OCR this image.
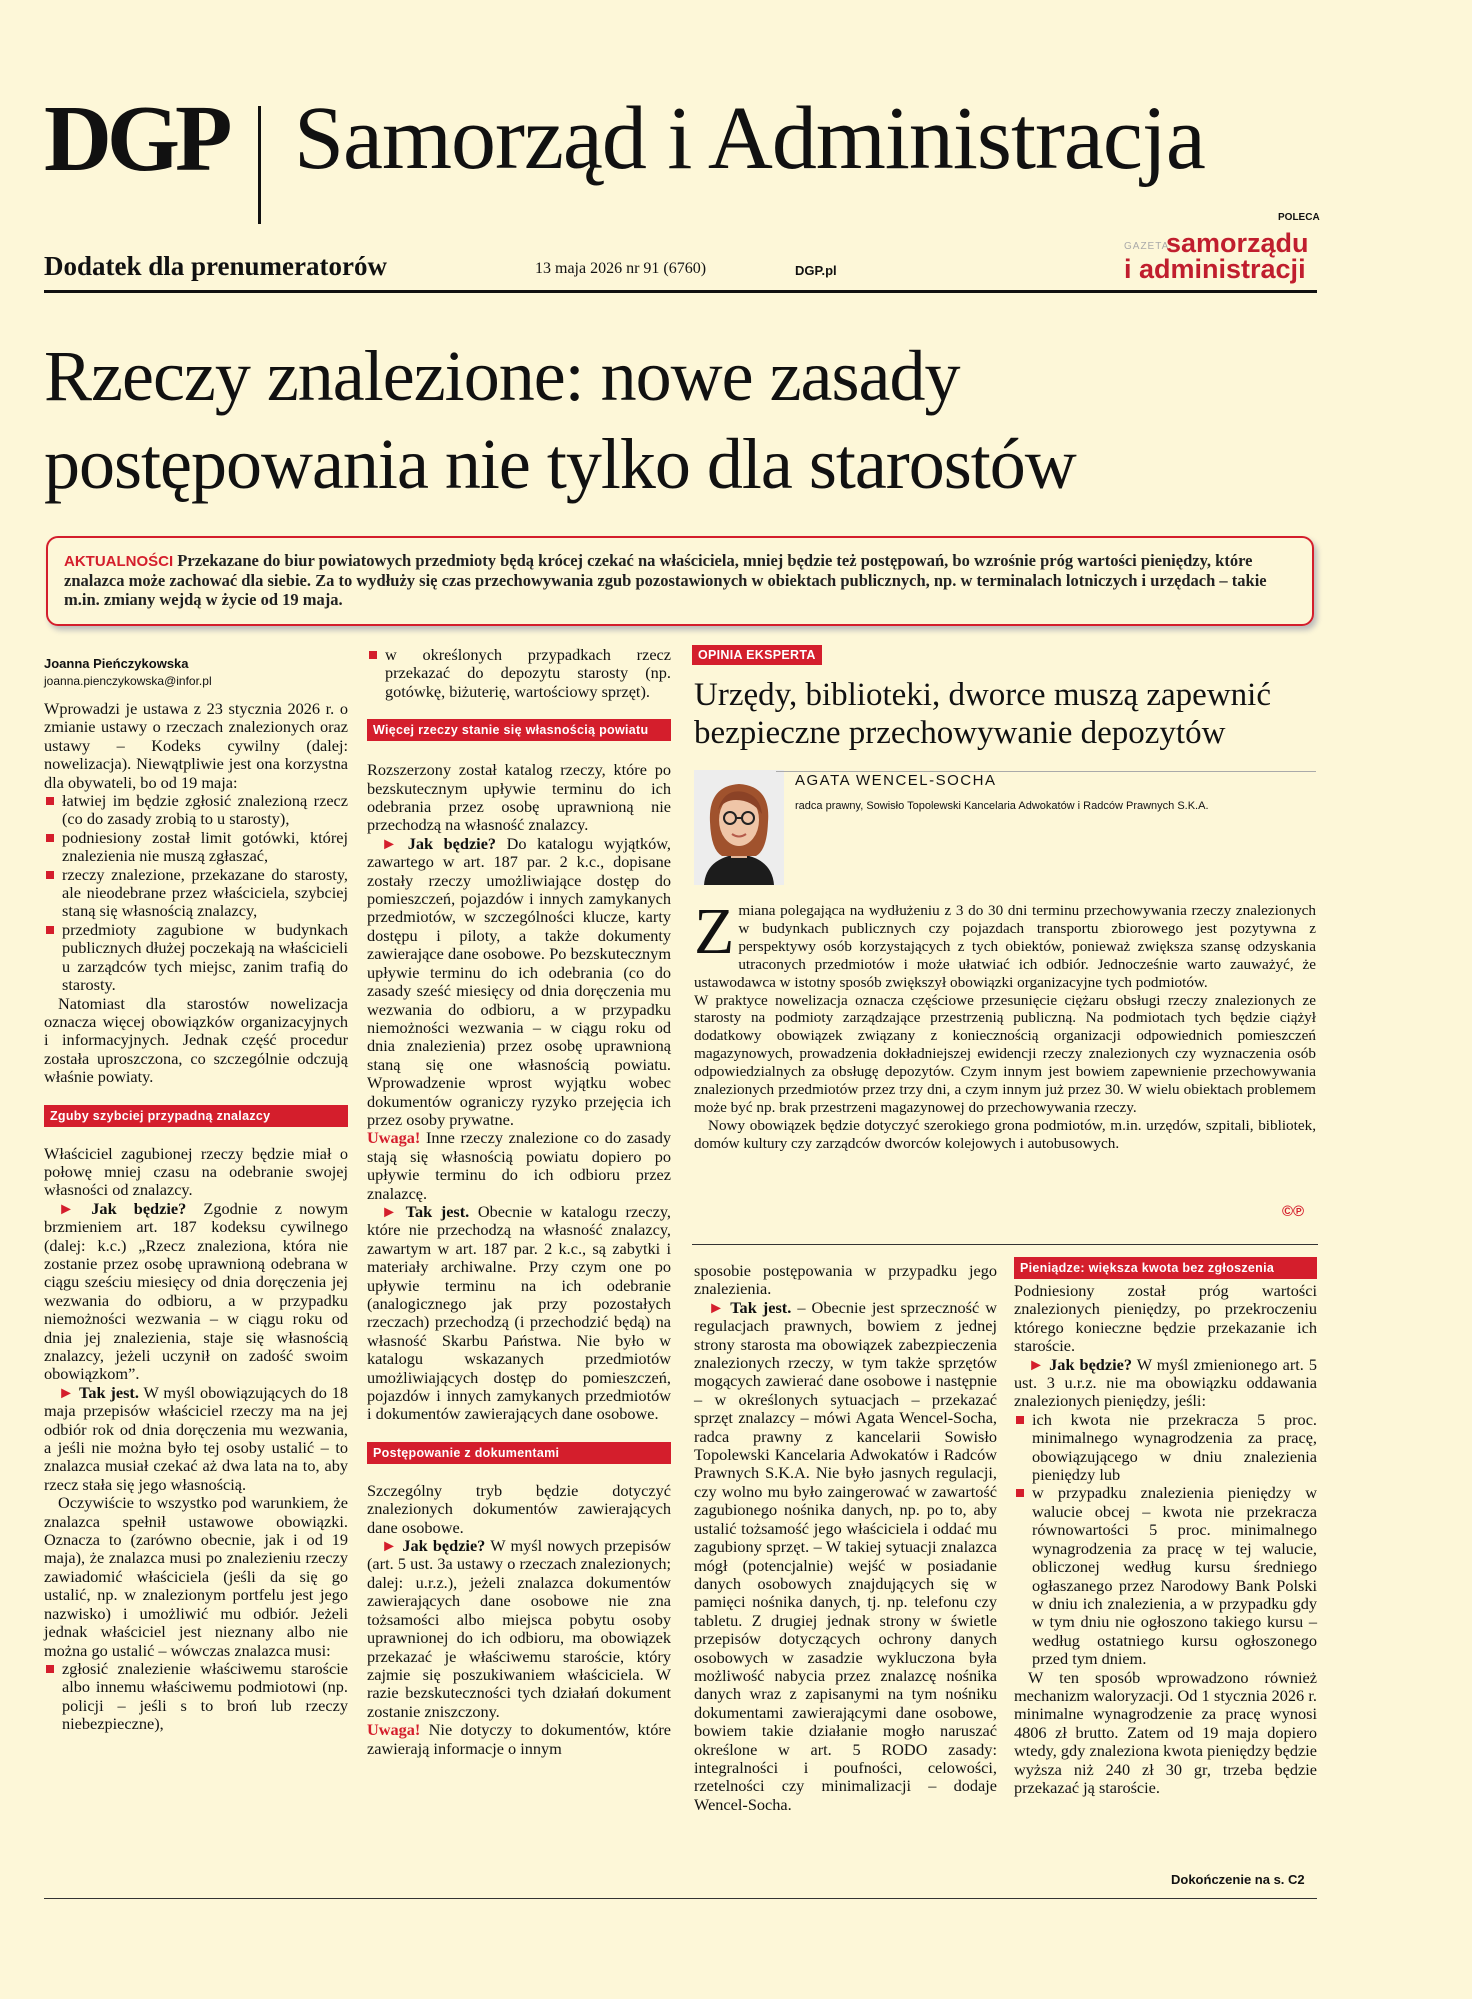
DGP Samorząd i Administracja
Dodatek dla prenumeratorów	13 maja 2026 nr 91 (6760)	DGP.pl
POLECA
GAZETA
samorządu
i administracji
Rzeczy znalezione: nowe zasady postępowania nie tylko dla starostów
AKTUALNOŚCI Przekazane do biur powiatowych przedmioty będą krócej czekać na właściciela, mniej będzie też postępowań, bo wzrośnie próg wartości pieniędzy, które znalazca może zachować dla siebie. Za to wydłuży się czas przechowywania zgub pozostawionych w obiektach publicznych, np. w terminalach lotniczych i urzędach – takie m.in. zmiany wejdą w życie od 19 maja.
Joanna Pieńczykowska
joanna.pienczykowska@infor.pl

Wprowadzi je ustawa z 23 stycznia 2026 r. o zmianie ustawy o rzeczach znalezionych oraz ustawy – Kodeks cywilny (dalej: nowelizacja). Niewątpliwie jest ona korzystna dla obywateli, bo od 19 maja:

łatwiej im będzie zgłosić znalezioną rzecz (co do zasady zrobią to u starosty),
podniesiony został limit gotówki, której znalezienia nie muszą zgłaszać,
rzeczy znalezione, przekazane do starosty, ale nieodebrane przez właściciela, szybciej staną się własnością znalazcy,
przedmioty zagubione w budynkach publicznych dłużej poczekają na właścicieli u zarządców tych miejsc, zanim trafią do starosty.

Natomiast dla starostów nowelizacja oznacza więcej obowiązków organizacyjnych i informacyjnych. Jednak część procedur została uproszczona, co szczególnie odczują właśnie powiaty.

Zguby szybciej przypadną znalazcy

Właściciel zagubionej rzeczy będzie miał o połowę mniej czasu na odebranie swojej własności od znalazcy.

► Jak będzie? Zgodnie z nowym brzmieniem art. 187 kodeksu cywilnego (dalej: k.c.) „Rzecz znaleziona, która nie zostanie przez osobę uprawnioną odebrana w ciągu sześciu miesięcy od dnia doręczenia jej wezwania do odbioru, a w przypadku niemożności wezwania – w ciągu roku od dnia jej znalezienia, staje się własnością znalazcy, jeżeli uczynił on zadość swoim obowiązkom”.

► Tak jest. W myśl obowiązujących do 18 maja przepisów właściciel rzeczy ma na jej odbiór rok od dnia doręczenia mu wezwania, a jeśli nie można było tej osoby ustalić – to znalazca musiał czekać aż dwa lata na to, aby rzecz stała się jego własnością.

Oczywiście to wszystko pod warunkiem, że znalazca spełnił ustawowe obowiązki. Oznacza to (zarówno obecnie, jak i od 19 maja), że znalazca musi po znalezieniu rzeczy zawiadomić właściciela (jeśli da się go ustalić, np. w znalezionym portfelu jest jego nazwisko) i umożliwić mu odbiór. Jeżeli jednak właściciel jest nieznany albo nie można go ustalić – wówczas znalazca musi:

zgłosić znalezienie właściwemu staroście albo innemu właściwemu podmiotowi (np. policji – jeśli s to broń lub rzeczy niebezpieczne),
w określonych przypadkach rzecz przekazać do depozytu starosty (np. gotówkę, biżuterię, wartościowy sprzęt).
Więcej rzeczy stanie się własnością powiatu

Rozszerzony został katalog rzeczy, które po bezskutecznym upływie terminu do ich odebrania przez osobę uprawnioną nie przechodzą na własność znalazcy.

► Jak będzie? Do katalogu wyjątków, zawartego w art. 187 par. 2 k.c., dopisane zostały rzeczy umożliwiające dostęp do pomieszczeń, pojazdów i innych zamykanych przedmiotów, w szczególności klucze, karty dostępu i piloty, a także dokumenty zawierające dane osobowe. Po bezskutecznym upływie terminu do ich odebrania (co do zasady sześć miesięcy od dnia doręczenia mu wezwania do odbioru, a w przypadku niemożności wezwania – w ciągu roku od dnia znalezienia) przez osobę uprawnioną staną się one własnością powiatu. Wprowadzenie wprost wyjątku wobec dokumentów ograniczy ryzyko przejęcia ich przez osoby prywatne.

Uwaga! Inne rzeczy znalezione co do zasady stają się własnością powiatu dopiero po upływie terminu do ich odbioru przez znalazcę.

► Tak jest. Obecnie w katalogu rzeczy, które nie przechodzą na własność znalazcy, zawartym w art. 187 par. 2 k.c., są zabytki i materiały archiwalne. Przy czym one po upływie terminu na ich odebranie (analogicznego jak przy pozostałych rzeczach) przechodzą (i przechodzić będą) na własność Skarbu Państwa. Nie było w katalogu wskazanych przedmiotów umożliwiających dostęp do pomieszczeń, pojazdów i innych zamykanych przedmiotów i dokumentów zawierających dane osobowe.

Postępowanie z dokumentami

Szczególny tryb będzie dotyczyć znalezionych dokumentów zawierających dane osobowe.

► Jak będzie? W myśl nowych przepisów (art. 5 ust. 3a ustawy o rzeczach znalezionych; dalej: u.r.z.), jeżeli znalazca dokumentów zawierających dane osobowe nie zna tożsamości albo miejsca pobytu osoby uprawnionej do ich odbioru, ma obowiązek przekazać je właściwemu staroście, który zajmie się poszukiwaniem właściciela. W razie bezskuteczności tych działań dokument zostanie zniszczony.

Uwaga! Nie dotyczy to dokumentów, które zawierają informacje o innym

OPINIA EKSPERTA
Urzędy, biblioteki, dworce muszą zapewnić bezpieczne przechowywanie depozytów
AGATA WENCEL-SOCHA
radca prawny, Sowisło Topolewski Kancelaria Adwokatów i Radców Prawnych S.K.A.
Z miana polegająca na wydłużeniu z 3 do 30 dni terminu przechowywania rzeczy znalezionych w budynkach publicznych czy pojazdach transportu zbiorowego jest pozytywna z perspektywy osób korzystających z tych obiektów, ponieważ zwiększa szansę odzyskania utraconych przedmiotów i może ułatwiać ich odbiór. Jednocześnie warto zauważyć, że ustawodawca w istotny sposób zwiększył obowiązki organizacyjne tych podmiotów.

W praktyce nowelizacja oznacza częściowe przesunięcie ciężaru obsługi rzeczy znalezionych ze starosty na podmioty zarządzające przestrzenią publiczną. Na podmiotach tych będzie ciążył dodatkowy obowiązek związany z koniecznością organizacji odpowiednich pomieszczeń magazynowych, prowadzenia dokładniejszej ewidencji rzeczy znalezionych czy wyznaczenia osób odpowiedzialnych za obsługę depozytów. Czym innym jest bowiem zapewnienie przechowywania znalezionych przedmiotów przez trzy dni, a czym innym już przez 30. W wielu obiektach problemem może być np. brak przestrzeni magazynowej do przechowywania rzeczy.

Nowy obowiązek będzie dotyczyć szerokiego grona podmiotów, m.in. urzędów, szpitali, bibliotek, domów kultury czy zarządców dworców kolejowych i autobusowych.

©℗

sposobie postępowania w przypadku jego znalezienia.

► Tak jest. – Obecnie jest sprzeczność w regulacjach prawnych, bowiem z jednej strony starosta ma obowiązek zabezpieczenia znalezionych rzeczy, w tym także sprzętów mogących zawierać dane osobowe i następnie – w określonych sytuacjach – przekazać sprzęt znalazcy – mówi Agata Wencel-Socha, radca prawny z kancelarii Sowisło Topolewski Kancelaria Adwokatów i Radców Prawnych S.K.A. Nie było jasnych regulacji, czy wolno mu było zaingerować w zawartość zagubionego nośnika danych, np. po to, aby ustalić tożsamość jego właściciela i oddać mu zagubiony sprzęt. – W takiej sytuacji znalazca mógł (potencjalnie) wejść w posiadanie danych osobowych znajdujących się w pamięci nośnika danych, tj. np. telefonu czy tabletu. Z drugiej jednak strony w świetle przepisów dotyczących ochrony danych osobowych w zasadzie wykluczona była możliwość nabycia przez znalazcę nośnika danych wraz z zapisanymi na tym nośniku dokumentami zawierającymi dane osobowe, bowiem takie działanie mogło naruszać określone w art. 5 RODO zasady: integralności i poufności, celowości, rzetelności czy minimalizacji – dodaje Wencel-Socha.

Pieniądze: większa kwota bez zgłoszenia

Podniesiony został próg wartości znalezionych pieniędzy, po przekroczeniu którego konieczne będzie przekazanie ich staroście.

► Jak będzie? W myśl zmienionego art. 5 ust. 3 u.r.z. nie ma obowiązku oddawania znalezionych pieniędzy, jeśli:

ich kwota nie przekracza 5 proc. minimalnego wynagrodzenia za pracę, obowiązującego w dniu znalezienia pieniędzy lub
w przypadku znalezienia pieniędzy w walucie obcej – kwota nie przekracza równowartości 5 proc. minimalnego wynagrodzenia za pracę w tej walucie, obliczonej według kursu średniego ogłaszanego przez Narodowy Bank Polski w dniu ich znalezienia, a w przypadku gdy w tym dniu nie ogłoszono takiego kursu – według ostatniego kursu ogłoszonego przed tym dniem.

W ten sposób wprowadzono również mechanizm waloryzacji. Od 1 stycznia 2026 r. minimalne wynagrodzenie za pracę wynosi 4806 zł brutto. Zatem od 19 maja dopiero wtedy, gdy znaleziona kwota pieniędzy będzie wyższa niż 240 zł 30 gr, trzeba będzie przekazać ją staroście.

Dokończenie na s. C2
